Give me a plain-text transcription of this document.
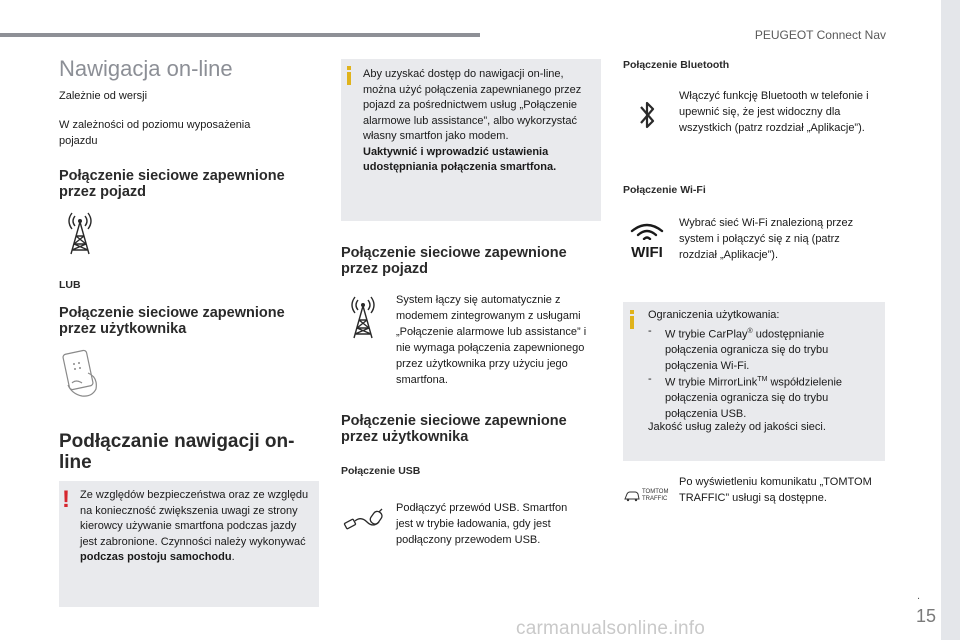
PEUGEOT Connect Nav
Nawigacja on-line
Zależnie od wersji
W zależności od poziomu wyposażenia pojazdu
Połączenie sieciowe zapewnione przez pojazd
LUB
Połączenie sieciowe zapewnione przez użytkownika
Podłączanie nawigacji on-line
! Ze względów bezpieczeństwa oraz ze względu na konieczność zwiększenia uwagi ze strony kierowcy używanie smartfona podczas jazdy jest zabronione. Czynności należy wykonywać podczas postoju samochodu.
Aby uzyskać dostęp do nawigacji on-line, można użyć połączenia zapewnianego przez pojazd za pośrednictwem usług „Połączenie alarmowe lub assistance”, albo wykorzystać własny smartfon jako modem.
Uaktywnić i wprowadzić ustawienia udostępniania połączenia smartfona.
Połączenie sieciowe zapewnione przez pojazd
System łączy się automatycznie z modemem zintegrowanym z usługami „Połączenie alarmowe lub assistance” i nie wymaga połączenia zapewnionego przez użytkownika przy użyciu jego smartfona.
Połączenie sieciowe zapewnione przez użytkownika
Połączenie USB
Podłączyć przewód USB. Smartfon jest w trybie ładowania, gdy jest podłączony przewodem USB.
Połączenie Bluetooth
Włączyć funkcję Bluetooth w telefonie i upewnić się, że jest widoczny dla wszystkich (patrz rozdział „Aplikacje”).
Połączenie Wi-Fi
WIFI
Wybrać sieć Wi-Fi znalezioną przez system i połączyć się z nią (patrz rozdział „Aplikacje”).
Ograniczenia użytkowania:
-	W trybie CarPlay® udostępnianie połączenia ogranicza się do trybu połączenia Wi-Fi.
-	W trybie MirrorLink™ współdzielenie połączenia ogranicza się do trybu połączenia USB.
Jakość usług zależy od jakości sieci.
TOMTOM TRAFFIC
Po wyświetleniu komunikatu „TOMTOM TRAFFIC” usługi są dostępne.
.
15
carmanualsonline.info
